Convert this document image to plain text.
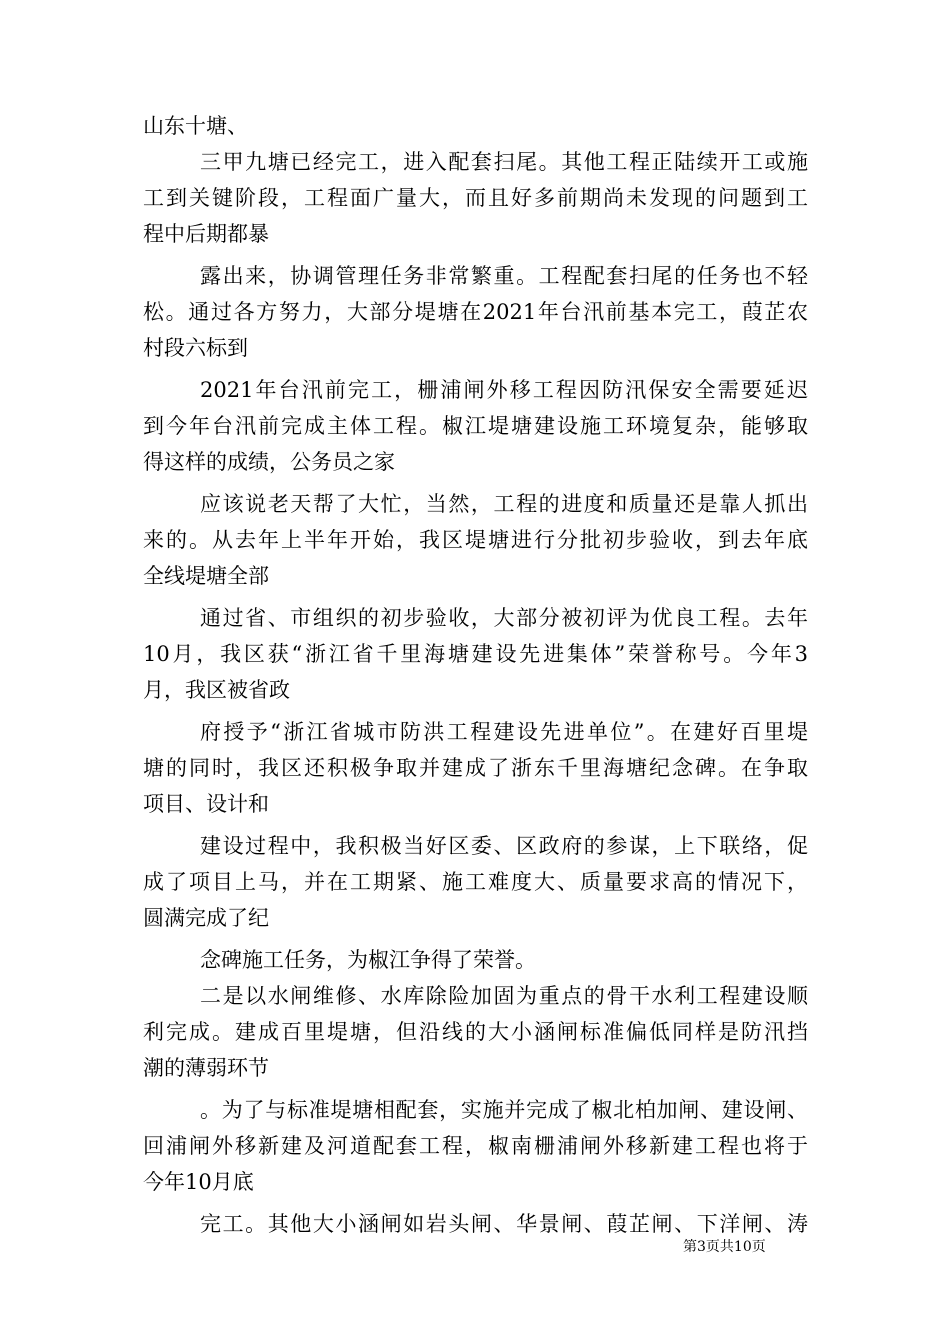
山东十塘、
三甲九塘已经完工，进入配套扫尾。其他工程正陆续开工或施
工到关键阶段，工程面广量大，而且好多前期尚未发现的问题到工
程中后期都暴
露出来，协调管理任务非常繁重。工程配套扫尾的任务也不轻
松。通过各方努力，大部分堤塘在2021年台汛前基本完工，葭芷农
村段六标到
2021年台汛前完工，栅浦闸外移工程因防汛保安全需要延迟
到今年台汛前完成主体工程。椒江堤塘建设施工环境复杂，能够取
得这样的成绩，公务员之家
应该说老天帮了大忙，当然，工程的进度和质量还是靠人抓出
来的。从去年上半年开始，我区堤塘进行分批初步验收，到去年底
全线堤塘全部
通过省、市组织的初步验收，大部分被初评为优良工程。去年
10月，我区获“浙江省千里海塘建设先进集体”荣誉称号。今年3
月，我区被省政
府授予“浙江省城市防洪工程建设先进单位”。在建好百里堤
塘的同时，我区还积极争取并建成了浙东千里海塘纪念碑。在争取
项目、设计和
建设过程中，我积极当好区委、区政府的参谋，上下联络，促
成了项目上马，并在工期紧、施工难度大、质量要求高的情况下，
圆满完成了纪
念碑施工任务，为椒江争得了荣誉。
二是以水闸维修、水库除险加固为重点的骨干水利工程建设顺
利完成。建成百里堤塘，但沿线的大小涵闸标准偏低同样是防汛挡
潮的薄弱环节
。为了与标准堤塘相配套，实施并完成了椒北柏加闸、建设闸、
回浦闸外移新建及河道配套工程，椒南栅浦闸外移新建工程也将于
今年10月底
完工。其他大小涵闸如岩头闸、华景闸、葭芷闸、下洋闸、涛
第3页共10页
